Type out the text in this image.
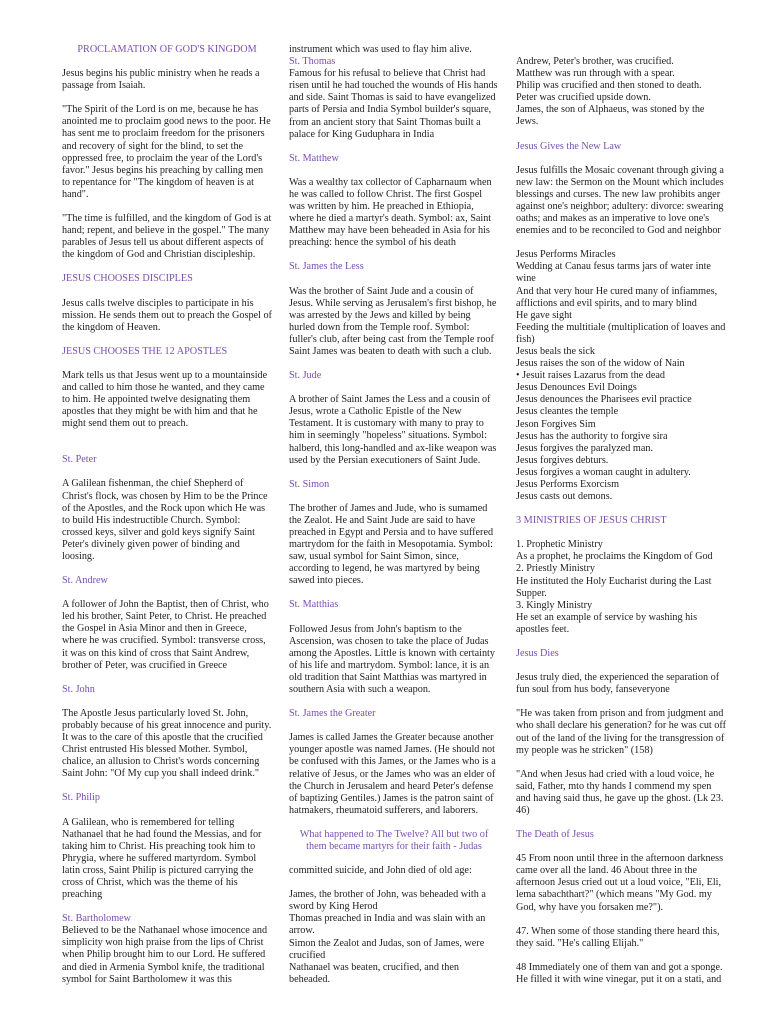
PROCLAMATION OF GOD'S KINGDOM

Jesus begins his public ministry when he reads a passage from Isaiah.

"The Spirit of the Lord is on me, because he has anointed me to proclaim good news to the poor. He has sent me to proclaim freedom for the prisoners and recovery of sight for the blind, to set the oppressed free, to proclaim the year of the Lord's favor." Jesus begins his preaching by calling men to repentance for "The kingdom of heaven is at hand".

"The time is fulfilled, and the kingdom of God is at hand; repent, and believe in the gospel." The many parables of Jesus tell us about different aspects of the kingdom of God and Christian discipleship.

JESUS CHOOSES DISCIPLES

Jesus calls twelve disciples to participate in his mission. He sends them out to preach the Gospel of the kingdom of Heaven.

JESUS CHOOSES THE 12 APOSTLES

Mark tells us that Jesus went up to a mountainside and called to him those he wanted, and they came to him. He appointed twelve designating them apostles that they might be with him and that he might send them out to preach.

St. Peter

A Galilean fishenman, the chief Shepherd of Christ's flock, was chosen by Him to be the Prince of the Apostles, and the Rock upon which He was to build His indestructible Church. Symbol: crossed keys, silver and gold keys signify Saint Peter's divinely given power of binding and loosing.

St. Andrew

A follower of John the Baptist, then of Christ, who led his brother, Saint Peter, to Christ. He preached the Gospel in Asia Minor and then in Greece, where he was crucified. Symbol: transverse cross, it was on this kind of cross that Saint Andrew, brother of Peter, was crucified in Greece

St. John

The Apostle Jesus particularly loved St. John, probably because of his great innocence and purity. It was to the care of this apostle that the crucified Christ entrusted His blessed Mother. Symbol, chalice, an allusion to Christ's words concerning Saint John: "Of My cup you shall indeed drink."

St. Philip

A Galilean, who is remembered for telling Nathanael that he had found the Messias, and for taking him to Christ. His preaching took him to Phrygia, where he suffered martyrdom. Symbol latin cross, Saint Philip is pictured carrying the cross of Christ, which was the theme of his preaching

St. Bartholomew

Believed to be the Nathanael whose imocence and simplicity won high praise from the lips of Christ when Philip brought him to our Lord. He suffered and died in Armenia Symbol knife, the traditional symbol for Saint Bartholomew it was this

instrument which was used to flay him alive.

St. Thomas

Famous for his refusal to believe that Christ had risen until he had touched the wounds of His hands and side. Saint Thomas is said to have evangelized parts of Persia and India Symbol builder's square, from an ancient story that Saint Thomas built a palace for King Guduphara in India

St. Matthew

Was a wealthy tax collector of Capharnaum when he was called to follow Christ. The first Gospel was written by him. He preached in Ethiopia, where he died a martyr's death. Symbol: ax, Saint Matthew may have been beheaded in Asia for his preaching: hence the symbol of his death

St. James the Less

Was the brother of Saint Jude and a cousin of Jesus. While serving as Jerusalem's first bishop, he was arrested by the Jews and killed by being hurled down from the Temple roof. Symbol: fuller's club, after being cast from the Temple roof Saint James was beaten to death with such a club.

St. Jude

A brother of Saint James the Less and a cousin of Jesus, wrote a Catholic Epistle of the New Testament. It is customary with many to pray to him in seemingly "hopeless" situations. Symbol: halberd, this long-handled and ax-like weapon was used by the Persian executioners of Saint Jude.

St. Simon

The brother of James and Jude, who is sumamed the Zealot. He and Saint Jude are said to have preached in Egypt and Persia and to have suffered martrydom for the faith in Mesopotamia. Symbol: saw, usual symbol for Saint Simon, since, according to legend, he was martyred by being sawed into pieces.

St. Matthias

Followed Jesus from John's baptism to the Ascension, was chosen to take the place of Judas among the Apostles. Little is known with certainty of his life and martrydom. Symbol: lance, it is an old tradition that Saint Matthias was martyred in southern Asia with such a weapon.

St. James the Greater

James is called James the Greater because another younger apostle was named James. (He should not be confused with this James, or the James who is a relative of Jesus, or the James who was an elder of the Church in Jerusalem and heard Peter's defense of baptizing Gentiles.) James is the patron saint of hatmakers, rheumatoid sufferers, and laborers.

What happened to The Twelve? All but two of them became martyrs for their faith - Judas

committed suicide, and John died of old age:

James, the brother of John, was beheaded with a sword by King Herod

Thomas preached in India and was slain with an arrow.

Simon the Zealot and Judas, son of James, were crucified

Nathanael was beaten, crucified, and then beheaded.

Andrew, Peter's brother, was crucified.

Matthew was run through with a spear.

Philip was crucified and then stoned to death.

Peter was crucified upside down.

James, the son of Alphaeus, was stoned by the Jews.

Jesus Gives the New Law

Jesus fulfills the Mosaic covenant through giving a new law: the Sermon on the Mount which includes blessings and curses. The new law prohibits anger against one's neighbor; adultery: divorce: swearing oaths; and makes as an imperative to love one's enemies and to be reconciled to God and neighbor

Jesus Performs Miracles

Wedding at Canau fesus tarms jars of water inte wine

And that very hour He cured many of infiammes, afflictions and evil spirits, and to mary blind

He gave sight

Feeding the multitiale (multiplication of loaves and fish)

Jesus beals the sick

Jesus raises the son of the widow of Nain

• Jesuit raises Lazarus from the dead

Jesus Denounces Evil Doings

Jesus denounces the Pharisees evil practice

Jesus cleantes the temple

Jeson Forgives Sim

Jesus has the authority to forgive sira

Jesus forgives the paralyzed man.

Jesus forgives debturs.

Jesus forgives a woman caught in adultery.

Jesus Performs Exorcism

Jesus casts out demons.

3 MINISTRIES OF JESUS CHRIST

1. Prophetic Ministry

As a prophet, he proclaims the Kingdom of God

2. Priestly Ministry

He instituted the Holy Eucharist during the Last Supper.

3. Kingly Ministry

He set an example of service by washing his apostles feet.

Jesus Dies

Jesus truly died, the experienced the separation of fun soul from hus body, fanseveryone

"He was taken from prison and from judgment and who shall declare his generation? for he was cut off out of the land of the living for the transgression of my people was he stricken" (158)

"And when Jesus had cried with a loud voice, he said, Father, mto thy hands I commend my spen and having said thus, he gave up the ghost. (Lk 23. 46)

The Death of Jesus

45 From noon until three in the afternoon darkness came over all the land. 46 About three in the afternoon Jesus cried out ut a loud voice, "Eli, Eli, lema sabachthart?" (which means "My God. my God, why have you forsaken me?").

47. When some of those standing there heard this, they said. "He's calling Elijah."

48 Immediately one of them van and got a sponge. He filled it with wine vinegar, put it on a stati, and
